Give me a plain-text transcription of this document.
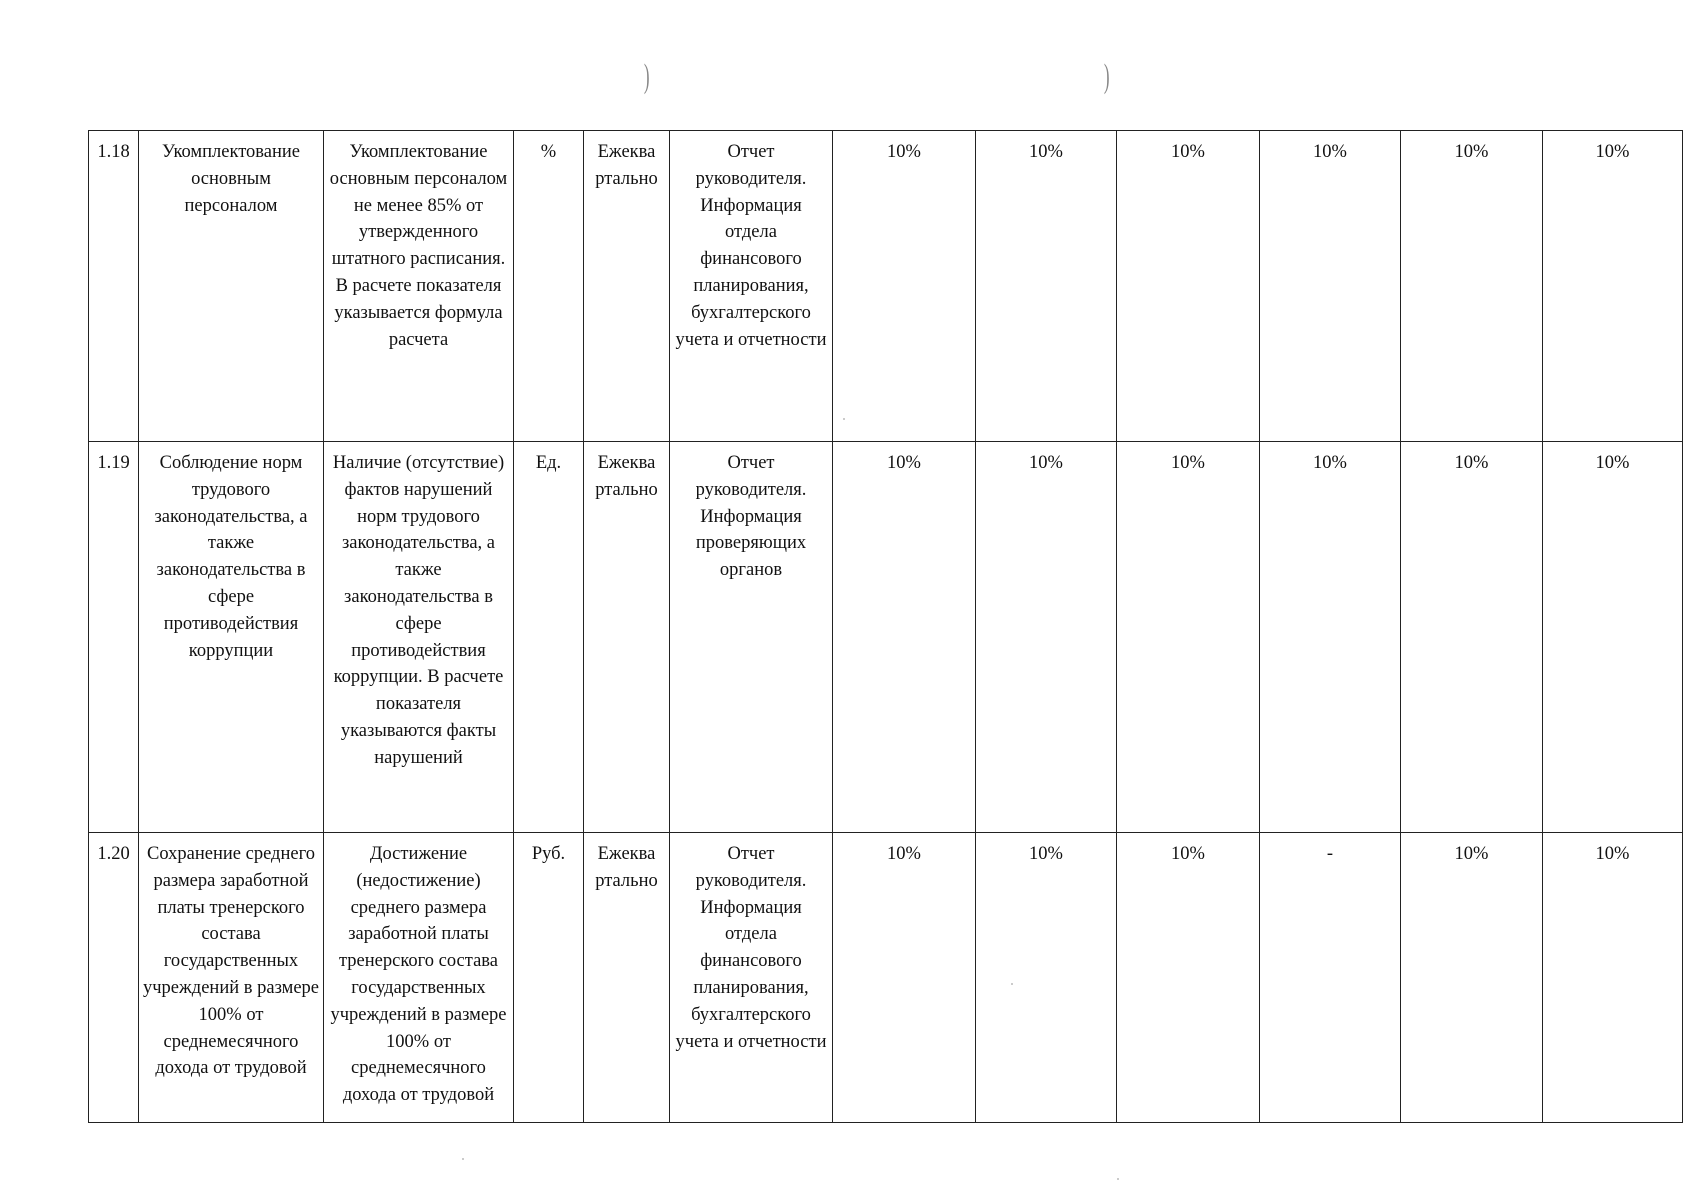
)	)
1.18	Укомплектование основным персоналом	Укомплектование основным персоналом не менее 85% от утвержденного штатного расписания. В расчете показателя указывается формула расчета	%	Ежеква ртально	Отчет руководителя. Информация отдела финансового планирования, бухгалтерского учета и отчетности	10%	10%	10%	10%	10%	10%
1.19	Соблюдение норм трудового законодательства, а также законодательства в сфере противодействия коррупции	Наличие (отсутствие) фактов нарушений норм трудового законодательства, а также законодательства в сфере противодействия коррупции. В расчете показателя указываются факты нарушений	Ед.	Ежеква ртально	Отчет руководителя. Информация проверяющих органов	10%	10%	10%	10%	10%	10%
1.20	Сохранение среднего размера заработной платы тренерского состава государственных учреждений в размере 100% от среднемесячного дохода от трудовой	Достижение (недостижение) среднего размера заработной платы тренерского состава государственных учреждений в размере 100% от среднемесячного дохода от трудовой	Руб.	Ежеква ртально	Отчет руководителя. Информация отдела финансового планирования, бухгалтерского учета и отчетности	10%	10%	10%	-	10%	10%
